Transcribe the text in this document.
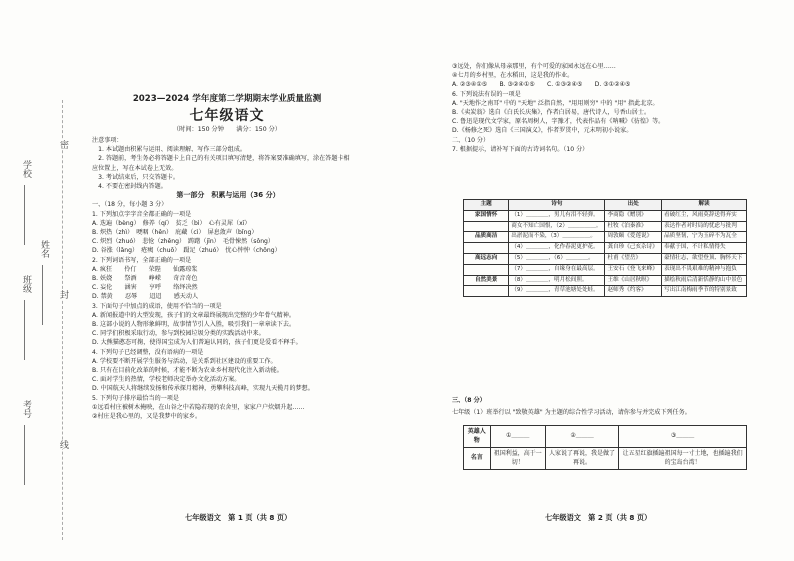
学校
班级
姓名
考号
密
封
线
2023—2024 学年度第二学期期末学业质量监测
七年级语文
（时间：150 分钟　　满分：150 分）
注意事项：
　1. 本试题由积累与运用、阅读理解、写作三部分组成。
　2. 答题前，考生务必将答题卡上自己的有关项目填写清楚，将答案要准确填写，涂在答题卡相
应位置上，写在本试卷上无效。
　3. 考试结束后，只交答题卡。
　4. 不要在密封线内答题。
第一部分　积累与运用（36 分）
一、（18 分，每小题 3 分）
1. 下列加点字字音全都正确的一项是
A. 迭遍（bèng）　修养（qí）　贫乏（bì）　心有灵犀（xī）
B. 炽热（zhì）　哽咽（hěn）　庇藏（cì）　屏息敛声（bǐng）
C. 炽烈（zhuó）　悲怆（zhěng）　踌躇（jīn）　毛骨悚然（sǒng）
D. 谷涨（lǎng）　疮痍（chuō）　蹑足（zhuó）　忧心忡忡（chōng）
2. 下列词语书写，全部正确的一项是
A. 疯狂　　伶仃　　荣陛　　仙露琼浆
B. 妖娆　　祭酒　　峥嵘　　奇音奇色
C. 妄伦　　涵害　　亨呼　　络绎决然
D. 禁黄　　忍辱　　迢迢　　感天动人
3. 下面句子中加点的成语，使用不恰当的一项是
A. 新闻报道中的大型发现，孩子们的文章最终展现出完整的少年骨气精神。
B. 这部小说的人物形象鲜明，故事情节引人入胜，吸引我们一章章读下去。
C. 同学们积极采取行动，参与到校园垃圾分类的实践活动中来。
D. 大熊猫憨态可掬，使得国宝成为人们普遍认同的，孩子们更是爱看不释手。
4. 下列句子已经调整，没有语病的一项是
A. 学校要不断开展学生服务与活动，是关系到社区建设的重要工作。
B. 只有在目前化改革的时候，才能不断为农业乡村现代化注入新动能。
C. 面对学生的热情，学校老师决定举办文化活动方案。
D. 中国航天人将继续发扬和传承探月精神，勇攀科技高峰，实现九天揽月的梦想。
5. 下列句子排序最恰当的一项是
①远看村庄被树木掩映，在山谷之中若隐若现的农舍里，家家户户炊烟升起……
②村庄是我心里的，又是我梦中的家乡。
③远处，你们像从母亲那里，有个可爱的家园永远在心里……
④七月的乡村里，在水稻田，这是我的作业。
A. ②③④①⑤　　B. ③②④①⑤　　C. ①③②④⑤　　D. ③①②④⑤
6. 下列说法有误的一项是
A. "天地作之南耳" 中的 "天地" 泛指自然，"用用则穷" 中的 "用" 指此北京。
B.《卖炭翁》选自《白氏长庆集》，作者白居易，唐代诗人，号香山居士。
C. 鲁迅是现代文学家，原名周树人，字豫才，代表作品有《呐喊》《彷徨》等。
D.《杨修之死》选自《三国演义》，作者罗贯中，元末明初小说家。
二、（10 分）
7. 根据提示，请补写下面的古诗词名句。（10 分）
主题	诗句	出处	解读
家国情怀	（1）＿＿＿＿，男儿有泪不轻弹。	李商隐《赠别》	看破红尘，风雨莫辞送得弃实
	商女不知亡国恨，（2）＿＿＿＿＿。	杜牧《泊秦淮》	表达作者对时局的忧虑与批判
品质高洁	出淤泥而不染，（3）＿＿＿＿＿。	周敦颐《爱莲说》	品质坚韧，宁为玉碎不为瓦全
	（4）＿＿＿＿，化作春泥更护花。	龚自珍《己亥杂诗》	奉献于国，不计私情得失
高远志向	（5）＿＿＿＿，（6）＿＿＿＿。	杜甫《望岳》	豪情壮志，欲望登顶、胸怀天下
	（7）＿＿＿＿，自缘身在最高层。	王安石《登飞来峰》	表现出不畏艰难的精神与抱负
自然美景	（8）＿＿＿＿，明月松间照。	王维《山居秋暝》	描绘秋雨后清新恬静的山中景色
	（9）＿＿＿＿，青草池塘处处蛙。	赵师秀《约客》	写出江南梅雨季节的特别景致
三、（8 分）
七年级（1）班举行以 "致敬英雄" 为主题的综合性学习活动，请你参与并完成下列任务。
英雄人物	①＿＿＿	②＿＿＿	③＿＿＿
名言	祖国利益，高于一切！	人家说了再说，我是做了再说。	让五星红旗插遍祖国每一寸土地，也插遍我们的宝岛台湾！
七年级语文　第 1 页（共 8 页）	七年级语文　第 2 页（共 8 页）
